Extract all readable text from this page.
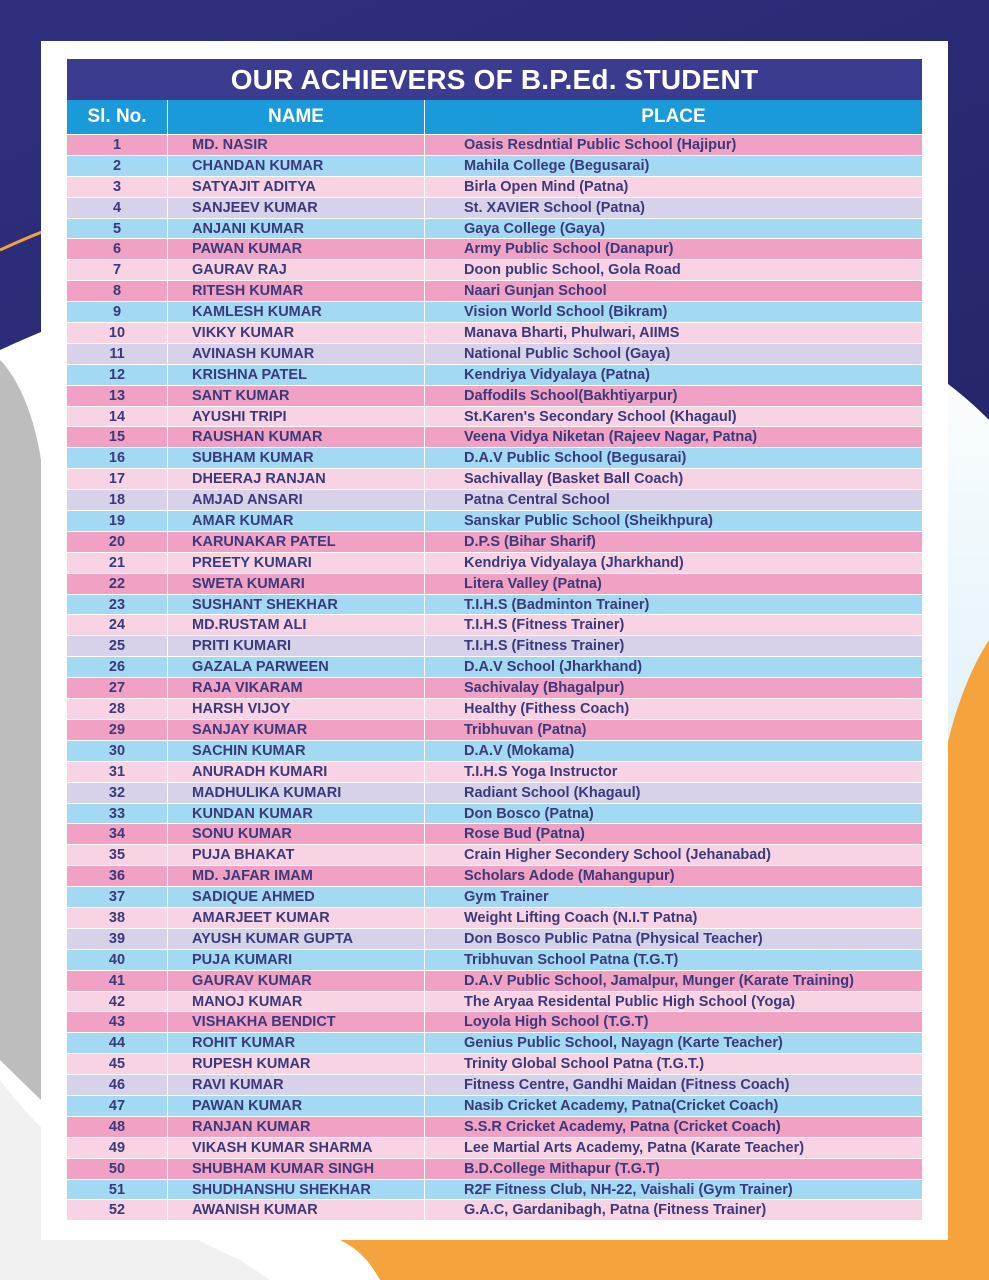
OUR ACHIEVERS OF B.P.Ed. STUDENT
Sl. No.	NAME	PLACE
1	MD. NASIR	Oasis Resdntial Public School (Hajipur)
2	CHANDAN KUMAR	Mahila College (Begusarai)
3	SATYAJIT ADITYA	Birla Open Mind (Patna)
4	SANJEEV KUMAR	St. XAVIER School (Patna)
5	ANJANI KUMAR	Gaya College (Gaya)
6	PAWAN KUMAR	Army Public School (Danapur)
7	GAURAV RAJ	Doon public School, Gola Road
8	RITESH KUMAR	Naari Gunjan School
9	KAMLESH KUMAR	Vision World School (Bikram)
10	VIKKY KUMAR	Manava Bharti, Phulwari, AIIMS
11	AVINASH KUMAR	National Public School (Gaya)
12	KRISHNA PATEL	Kendriya Vidyalaya (Patna)
13	SANT KUMAR	Daffodils School(Bakhtiyarpur)
14	AYUSHI TRIPI	St.Karen's Secondary School (Khagaul)
15	RAUSHAN KUMAR	Veena Vidya Niketan (Rajeev Nagar, Patna)
16	SUBHAM KUMAR	D.A.V Public School (Begusarai)
17	DHEERAJ RANJAN	Sachivallay (Basket Ball Coach)
18	AMJAD ANSARI	Patna Central School
19	AMAR KUMAR	Sanskar Public School (Sheikhpura)
20	KARUNAKAR PATEL	D.P.S (Bihar Sharif)
21	PREETY KUMARI	Kendriya Vidyalaya (Jharkhand)
22	SWETA KUMARI	Litera Valley (Patna)
23	SUSHANT SHEKHAR	T.I.H.S (Badminton Trainer)
24	MD.RUSTAM ALI	T.I.H.S (Fitness Trainer)
25	PRITI KUMARI	T.I.H.S (Fitness Trainer)
26	GAZALA PARWEEN	D.A.V School (Jharkhand)
27	RAJA VIKARAM	Sachivalay (Bhagalpur)
28	HARSH VIJOY	Healthy (Fithess Coach)
29	SANJAY KUMAR	Tribhuvan (Patna)
30	SACHIN KUMAR	D.A.V (Mokama)
31	ANURADH KUMARI	T.I.H.S Yoga Instructor
32	MADHULIKA KUMARI	Radiant School (Khagaul)
33	KUNDAN KUMAR	Don Bosco (Patna)
34	SONU KUMAR	Rose Bud (Patna)
35	PUJA BHAKAT	Crain Higher Secondery School (Jehanabad)
36	MD. JAFAR IMAM	Scholars Adode (Mahangupur)
37	SADIQUE AHMED	Gym Trainer
38	AMARJEET KUMAR	Weight Lifting Coach (N.I.T Patna)
39	AYUSH KUMAR GUPTA	Don Bosco Public Patna (Physical Teacher)
40	PUJA KUMARI	Tribhuvan School Patna (T.G.T)
41	GAURAV KUMAR	D.A.V Public School, Jamalpur, Munger (Karate Training)
42	MANOJ KUMAR	The Aryaa Residental Public High School (Yoga)
43	VISHAKHA BENDICT	Loyola High School (T.G.T)
44	ROHIT KUMAR	Genius Public School, Nayagn (Karte Teacher)
45	RUPESH KUMAR	Trinity Global School Patna (T.G.T.)
46	RAVI KUMAR	Fitness Centre, Gandhi Maidan (Fitness Coach)
47	PAWAN KUMAR	Nasib Cricket Academy, Patna(Cricket Coach)
48	RANJAN KUMAR	S.S.R Cricket Academy, Patna (Cricket Coach)
49	VIKASH KUMAR SHARMA	Lee Martial Arts Academy, Patna (Karate Teacher)
50	SHUBHAM KUMAR SINGH	B.D.College Mithapur (T.G.T)
51	SHUDHANSHU SHEKHAR	R2F Fitness Club, NH-22, Vaishali (Gym Trainer)
52	AWANISH KUMAR	G.A.C, Gardanibagh, Patna (Fitness Trainer)
